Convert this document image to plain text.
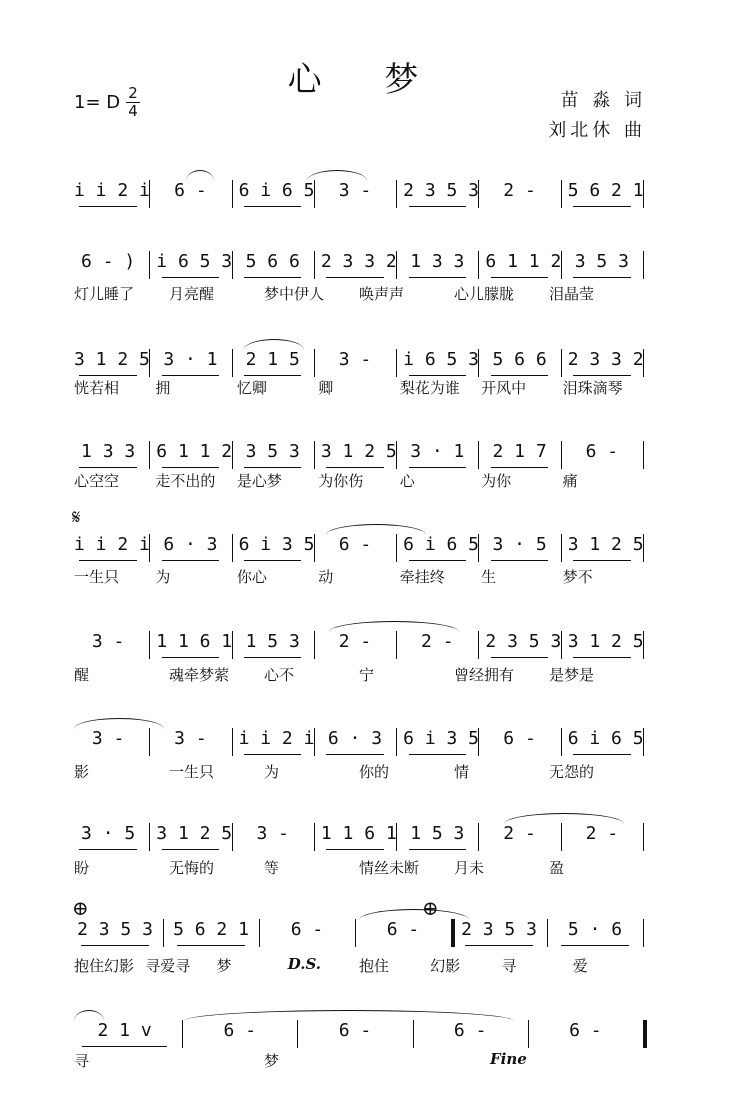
心 梦
1= D 2
4	苗 淼 词
刘北休 曲
𝄋
⊕	⊕
i i 2 i	6 -	6 i 6 5	3 -	2 3 5 3	2 -	5 6 2 1
6 - )	i 6 5 3 5 6 6	2 3 3 2 1 3 3	6 1 1 2 3 5 3
灯儿睡了 月亮醒	梦中伊人 唤声声	心儿朦胧 泪晶莹
3 1 2 5 3 · 1	2 1 5	3 -	i 6 5 3 5 6 6	2 3 3 2
恍若相 拥	忆卿	卿	梨花为谁 开风中 泪珠滴琴
1 3 3	6 1 1 2 3 5 3	3 1 2 5 3 · 1	2 1 7	6 -
心空空 走不出的 是心梦 为你伤 心	为你	痛
i i 2 i 6 · 3	6 i 3 5	6 -	6 i 6 5 3 · 5	3 1 2 5
一生只 为	你心	动	牵挂终 生	梦不
3 -	1 1 6 1 1 5 3	2 -	2 -	2 3 5 3 3 1 2 5
醒	魂牵梦萦 心不	宁	曾经拥有 是梦是
3 -	3 -	i i 2 i 6 · 3	6 i 3 5	6 -	6 i 6 5
影	一生只	为	你的	情	无怨的
3 · 5	3 1 2 5	3 -	1 1 6 1 1 5 3	2 -	2 -
盼	无悔的	等	情丝未断 月未	盈
2 3 5 3 5 6 2 1	6 -	6 -	2 3 5 3	5 · 6
抱住幻影 寻爱寻 梦	D.S.	抱住	幻影	寻	爱
2 1 v	6 -	6 -	6 -	6 -
寻	梦	Fine
